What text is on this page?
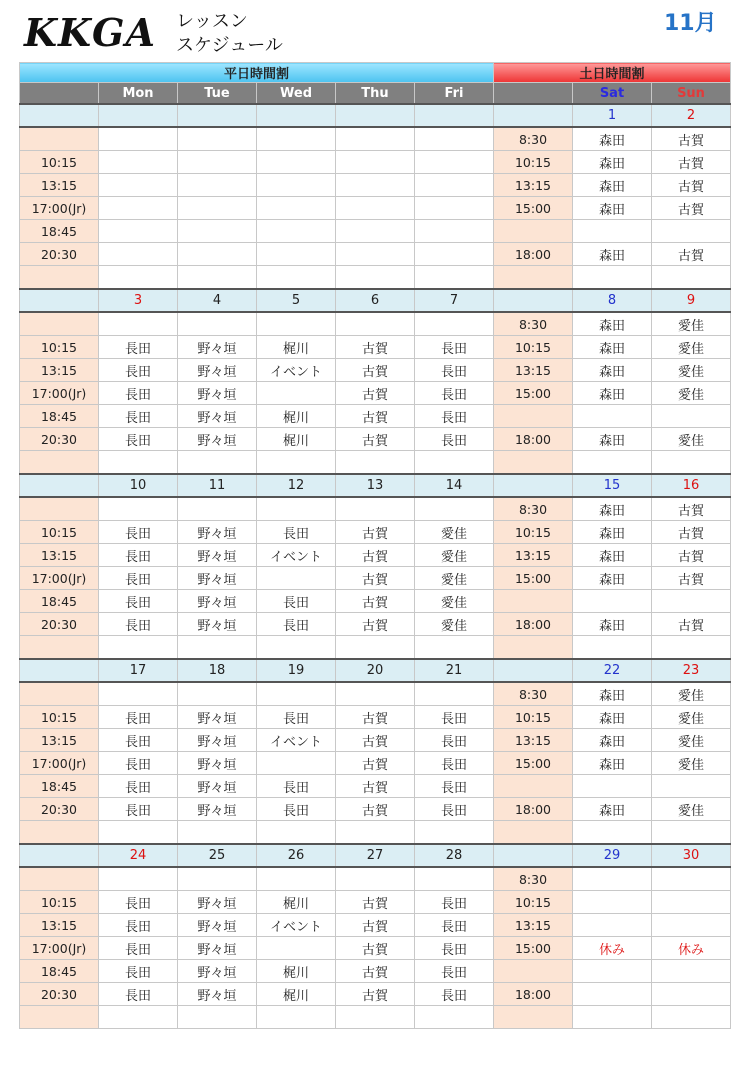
KKGA レッスン
スケジュール
11月
平日時間割						土日時間割		
	Mon	Tue	Wed	Thu	Fri		Sat	Sun
							1	2
						8:30	森田	古賀
10:15						10:15	森田	古賀
13:15						13:15	森田	古賀
17:00(Jr)						15:00	森田	古賀
18:45								
20:30						18:00	森田	古賀

	3	4	5	6	7		8	9
						8:30	森田	愛佳
10:15	長田	野々垣	梶川	古賀	長田	10:15	森田	愛佳
13:15	長田	野々垣	イベント	古賀	長田	13:15	森田	愛佳
17:00(Jr)	長田	野々垣		古賀	長田	15:00	森田	愛佳
18:45	長田	野々垣	梶川	古賀	長田			
20:30	長田	野々垣	梶川	古賀	長田	18:00	森田	愛佳

	10	11	12	13	14		15	16
						8:30	森田	古賀
10:15	長田	野々垣	長田	古賀	愛佳	10:15	森田	古賀
13:15	長田	野々垣	イベント	古賀	愛佳	13:15	森田	古賀
17:00(Jr)	長田	野々垣		古賀	愛佳	15:00	森田	古賀
18:45	長田	野々垣	長田	古賀	愛佳			
20:30	長田	野々垣	長田	古賀	愛佳	18:00	森田	古賀

	17	18	19	20	21		22	23
						8:30	森田	愛佳
10:15	長田	野々垣	長田	古賀	長田	10:15	森田	愛佳
13:15	長田	野々垣	イベント	古賀	長田	13:15	森田	愛佳
17:00(Jr)	長田	野々垣		古賀	長田	15:00	森田	愛佳
18:45	長田	野々垣	長田	古賀	長田			
20:30	長田	野々垣	長田	古賀	長田	18:00	森田	愛佳

	24	25	26	27	28		29	30
						8:30		
10:15	長田	野々垣	梶川	古賀	長田	10:15		
13:15	長田	野々垣	イベント	古賀	長田	13:15		
17:00(Jr)	長田	野々垣		古賀	長田	15:00	休み	休み
18:45	長田	野々垣	梶川	古賀	長田			
20:30	長田	野々垣	梶川	古賀	長田	18:00		
